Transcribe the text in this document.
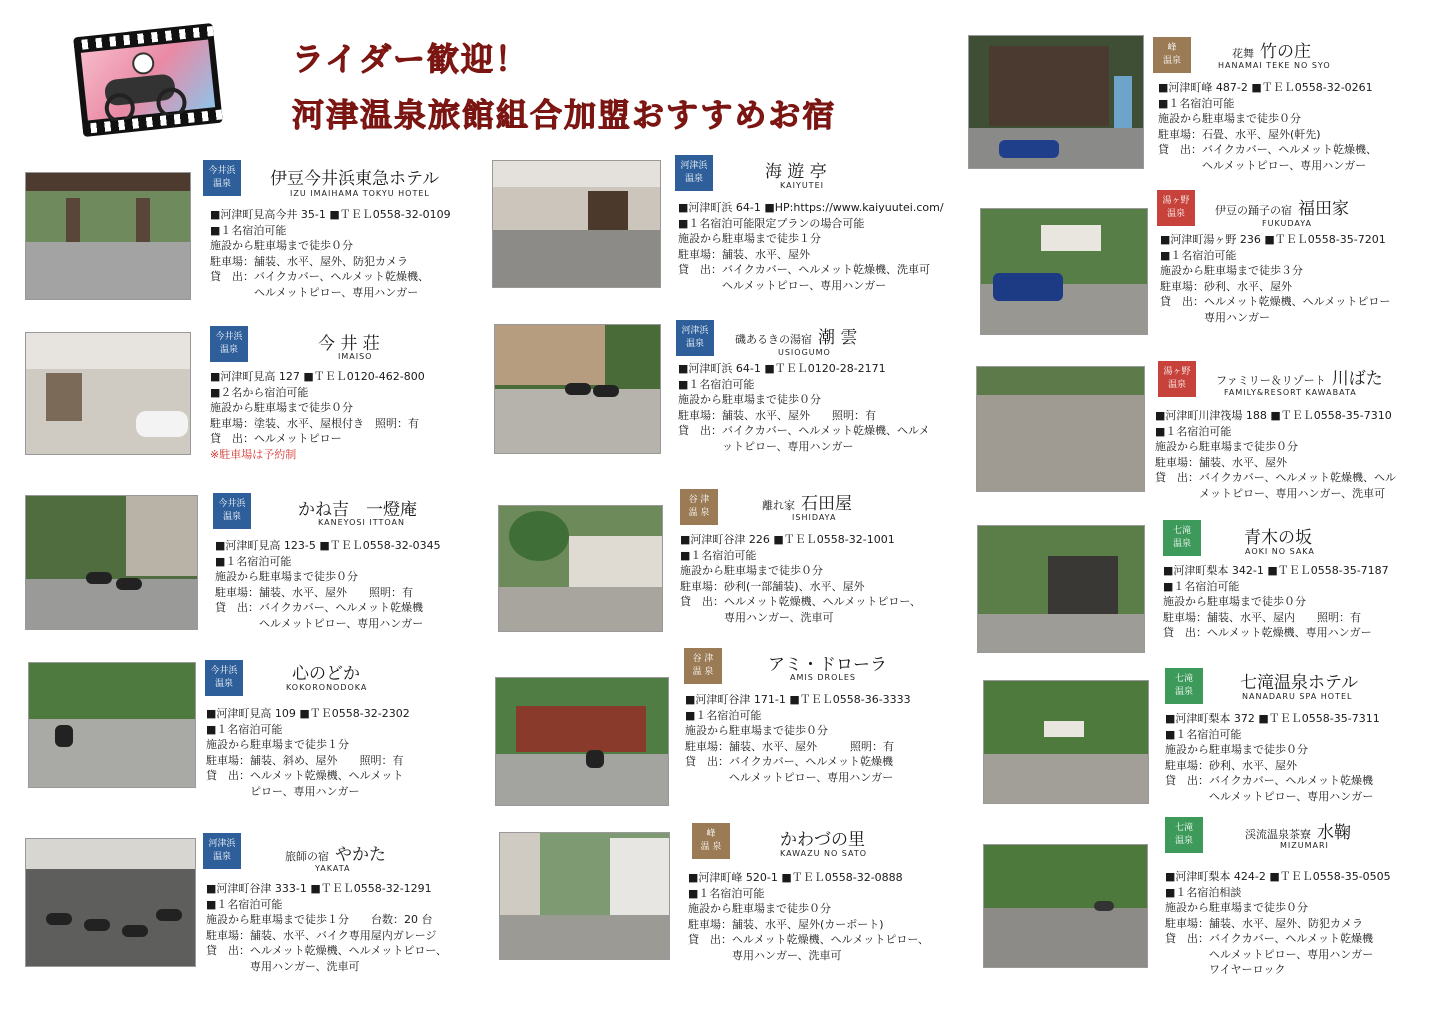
ライダー歓迎！
河津温泉旅館組合加盟おすすめお宿
今井浜
温泉 伊豆今井浜東急ホテル
IZU IMAIHAMA TOKYU HOTEL
■河津町見高今井 35-1 ■ＴＥＬ0558-32-0109
■１名宿泊可能
施設から駐車場まで徒歩０分
駐車場：舗装、水平、屋外、防犯カメラ
貸　出：バイクカバー、ヘルメット乾燥機、
　　　　ヘルメットピロー、専用ハンガー
今井浜
温泉	今 井 荘
IMAISO
■河津町見高 127 ■ＴＥＬ0120-462-800
■２名から宿泊可能
施設から駐車場まで徒歩０分
駐車場：塗装、水平、屋根付き　照明：有
貸　出：ヘルメットピロー
※駐車場は予約制
今井浜
温泉	かね吉　一燈庵
KANEYOSI ITTOAN
■河津町見高 123-5 ■ＴＥＬ0558-32-0345
■１名宿泊可能
施設から駐車場まで徒歩０分
駐車場：舗装、水平、屋外　　照明：有
貸　出：バイクカバー、ヘルメット乾燥機
　　　　ヘルメットピロー、専用ハンガー
今井浜
温泉	心のどか
KOKORONODOKA
■河津町見高 109 ■ＴＥ0558-32-2302
■１名宿泊可能
施設から駐車場まで徒歩１分
駐車場：舗装、斜め、屋外　　照明：有
貸　出：ヘルメット乾燥機、ヘルメット
　　　　ピロー、専用ハンガー
河津浜
温泉	旅師の宿 やかた
YAKATA
■河津町谷津 333-1 ■ＴＥＬ0558-32-1291
■１名宿泊可能
施設から駐車場まで徒歩１分　　台数：20 台
駐車場：舗装、水平、バイク専用屋内ガレージ
貸　出：ヘルメット乾燥機、ヘルメットピロー、
　　　　専用ハンガー、洗車可
河津浜
温泉	海 遊 亭
KAIYUTEI
■河津町浜 64-1 ■HP:https://www.kaiyuutei.com/
■１名宿泊可能限定プランの場合可能
施設から駐車場まで徒歩１分
駐車場：舗装、水平、屋外
貸　出：バイクカバー、ヘルメット乾燥機、洗車可
　　　　ヘルメットピロー、専用ハンガー
河津浜
温泉	磯あるきの湯宿 潮 雲
USIOGUMO
■河津町浜 64-1 ■ＴＥＬ0120-28-2171
■１名宿泊可能
施設から駐車場まで徒歩０分
駐車場：舗装、水平、屋外　　照明：有
貸　出：バイクカバー、ヘルメット乾燥機、ヘルメ
　　　　ットピロー、専用ハンガー
谷 津
温 泉
離れ家 石田屋
ISHIDAYA
■河津町谷津 226 ■ＴＥＬ0558-32-1001
■１名宿泊可能
施設から駐車場まで徒歩０分
駐車場：砂利(一部舗装)、水平、屋外
貸　出：ヘルメット乾燥機、ヘルメットピロー、
　　　　専用ハンガー、洗車可
谷 津
温 泉	アミ・ドローラ
AMIS DROLES
■河津町谷津 171-1 ■ＴＥＬ0558-36-3333
■１名宿泊可能
施設から駐車場まで徒歩０分
駐車場：舗装、水平、屋外　　　照明：有
貸　出：バイクカバー、ヘルメット乾燥機
　　　　ヘルメットピロー、専用ハンガー
峰
温 泉	かわづの里
KAWAZU NO SATO
■河津町峰 520-1 ■ＴＥＬ0558-32-0888
■１名宿泊可能
施設から駐車場まで徒歩０分
駐車場：舗装、水平、屋外(カーポート)
貸　出：ヘルメット乾燥機、ヘルメットピロー、
　　　　専用ハンガー、洗車可
峰
温泉
花舞 竹の庄
HANAMAI TEKE NO SYO
■河津町峰 487-2 ■ＴＥＬ0558-32-0261
■１名宿泊可能
施設から駐車場まで徒歩０分
駐車場：石畳、水平、屋外(軒先)
貸　出：バイクカバー、ヘルメット乾燥機、
　　　　ヘルメットピロー、専用ハンガー
湯ヶ野
温泉	伊豆の踊子の宿 福田家
FUKUDAYA
■河津町湯ヶ野 236 ■ＴＥＬ0558-35-7201
■１名宿泊可能
施設から駐車場まで徒歩３分
駐車場：砂利、水平、屋外
貸　出：ヘルメット乾燥機、ヘルメットピロー
　　　　専用ハンガー
湯ヶ野
温泉	ファミリー＆リゾート 川ばた
FAMILY&RESORT KAWABATA
■河津町川津筏場 188 ■ＴＥＬ0558-35-7310
■１名宿泊可能
施設から駐車場まで徒歩０分
駐車場：舗装、水平、屋外
貸　出：バイクカバー、ヘルメット乾燥機、ヘル
　　　　メットピロー、専用ハンガー、洗車可
七滝
温泉	青木の坂
AOKI NO SAKA
■河津町梨本 342-1 ■ＴＥＬ0558-35-7187
■１名宿泊可能
施設から駐車場まで徒歩０分
駐車場：舗装、水平、屋内　　照明：有
貸　出：ヘルメット乾燥機、専用ハンガー
七滝
温泉	七滝温泉ホテル
NANADARU SPA HOTEL
■河津町梨本 372 ■ＴＥＬ0558-35-7311
■１名宿泊可能
施設から駐車場まで徒歩０分
駐車場：砂利、水平、屋外
貸　出：バイクカバー、ヘルメット乾燥機
　　　　ヘルメットピロー、専用ハンガー
七滝
温泉	渓流温泉茶寮 水鞠
MIZUMARI
■河津町梨本 424-2 ■ＴＥＬ0558-35-0505
■１名宿泊相談
施設から駐車場まで徒歩０分
駐車場：舗装、水平、屋外、防犯カメラ
貸　出：バイクカバー、ヘルメット乾燥機
　　　　ヘルメットピロー、専用ハンガー
　　　　ワイヤーロック
